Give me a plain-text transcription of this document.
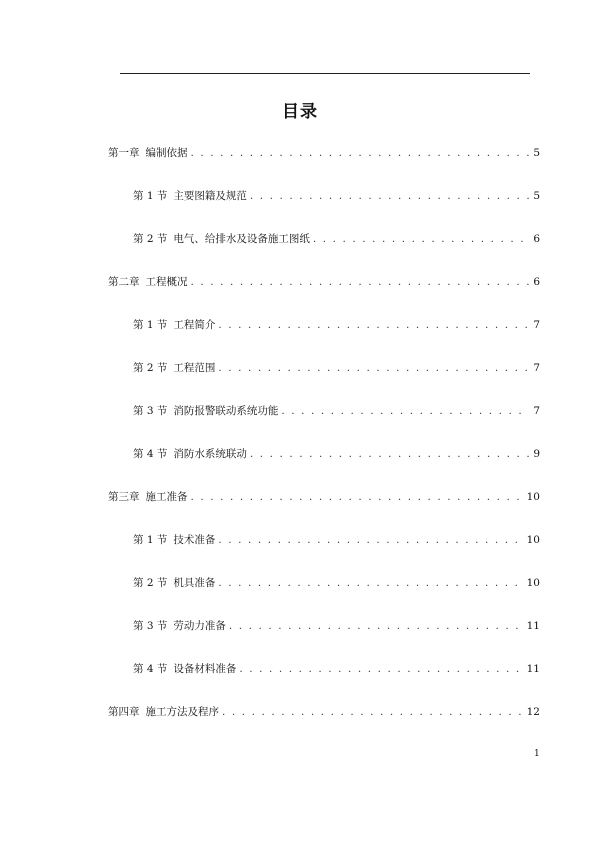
目录
第一章 编制依据 . . .	5
第 1 节 主要图籍及规范 . . .	5
第 2 节 电气、给排水及设备施工图纸 . . .	6
第二章 工程概况 . . .	6
第 1 节 工程简介 . . .	7
第 2 节 工程范围 . . .	7
第 3 节 消防报警联动系统功能 . . .	7
第 4 节 消防水系统联动 . . .	9
第三章 施工准备 . . .	10
第 1 节 技术准备 . . .	10
第 2 节 机具准备 . . .	10
第 3 节 劳动力准备 . . .	11
第 4 节 设备材料准备 . . .	11
第四章 施工方法及程序 . . .	12
1
